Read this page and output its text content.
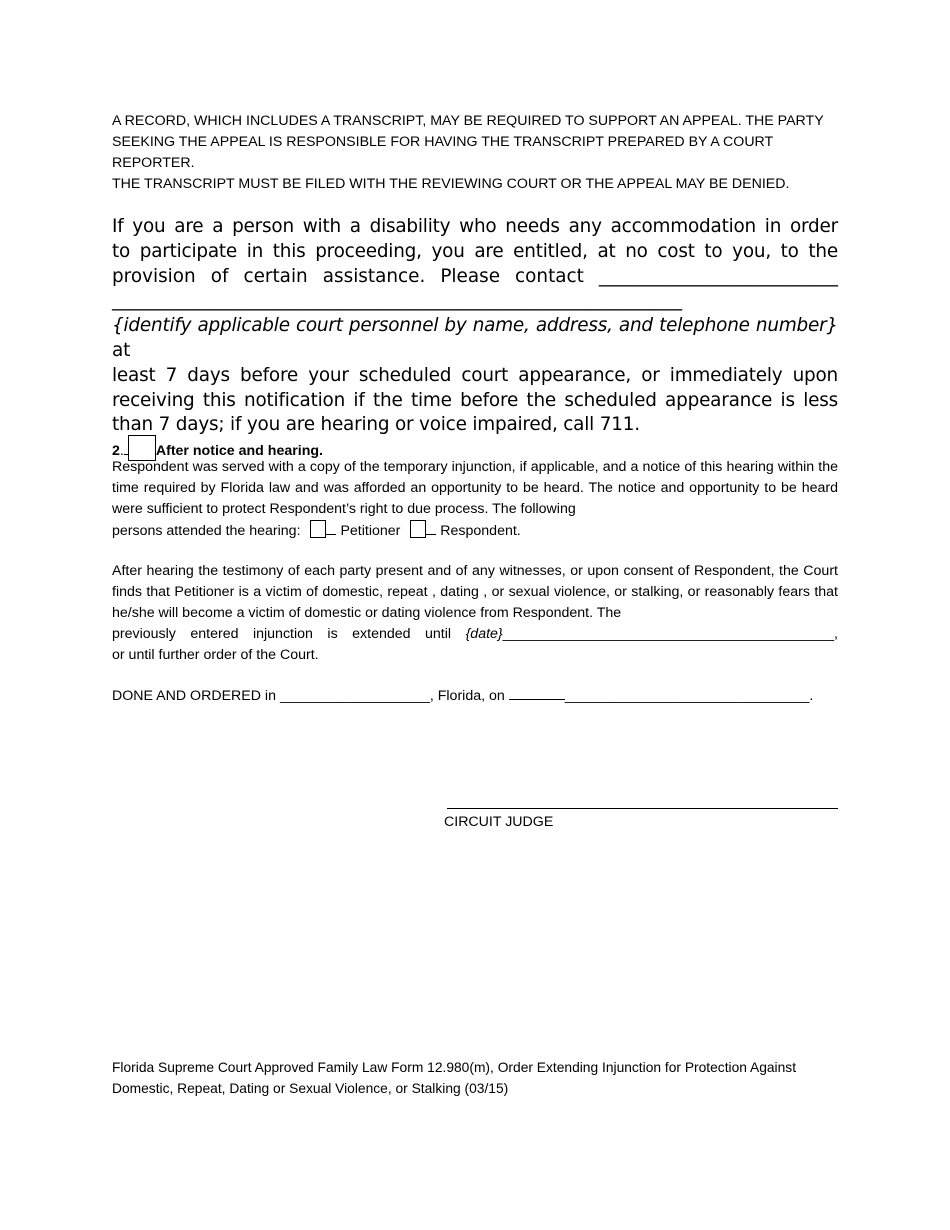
A RECORD, WHICH INCLUDES A TRANSCRIPT, MAY BE REQUIRED TO SUPPORT AN APPEAL. THE PARTY
SEEKING THE APPEAL IS RESPONSIBLE FOR HAVING THE TRANSCRIPT PREPARED BY A COURT REPORTER.
THE TRANSCRIPT MUST BE FILED WITH THE REVIEWING COURT OR THE APPEAL MAY BE DENIED.
If you are a person with a disability who needs any accommodation in order
to participate in this proceeding, you are entitled, at no cost to you, to the
provision of certain assistance. Please contact __________________________
______________________________________________________________
{identify applicable court personnel by name, address, and telephone number} at
least 7 days before your scheduled court appearance, or immediately upon
receiving this notification if the time before the scheduled appearance is less
than 7 days; if you are hearing or voice impaired, call 711.
2. After notice and hearing.
Respondent was served with a copy of the temporary injunction, if applicable, and a notice of this hearing within the time required by Florida law and was afforded an opportunity to be heard. The notice and opportunity to be heard were sufficient to protect Respondent’s right to due process. The following
persons attended the hearing:	Petitioner	Respondent.
After hearing the testimony of each party present and of any witnesses, or upon consent of Respondent, the Court finds that Petitioner is a victim of domestic, repeat , dating , or sexual violence, or stalking, or reasonably fears that he/she will become a victim of domestic or dating violence from Respondent. The
previously entered injunction is extended until {date}__________________________________________,
or until further order of the Court.
DONE AND ORDERED in ___________________, Florida, on	_______________________________.
CIRCUIT JUDGE
Florida Supreme Court Approved Family Law Form 12.980(m), Order Extending Injunction for Protection Against
Domestic, Repeat, Dating or Sexual Violence, or Stalking (03/15)
